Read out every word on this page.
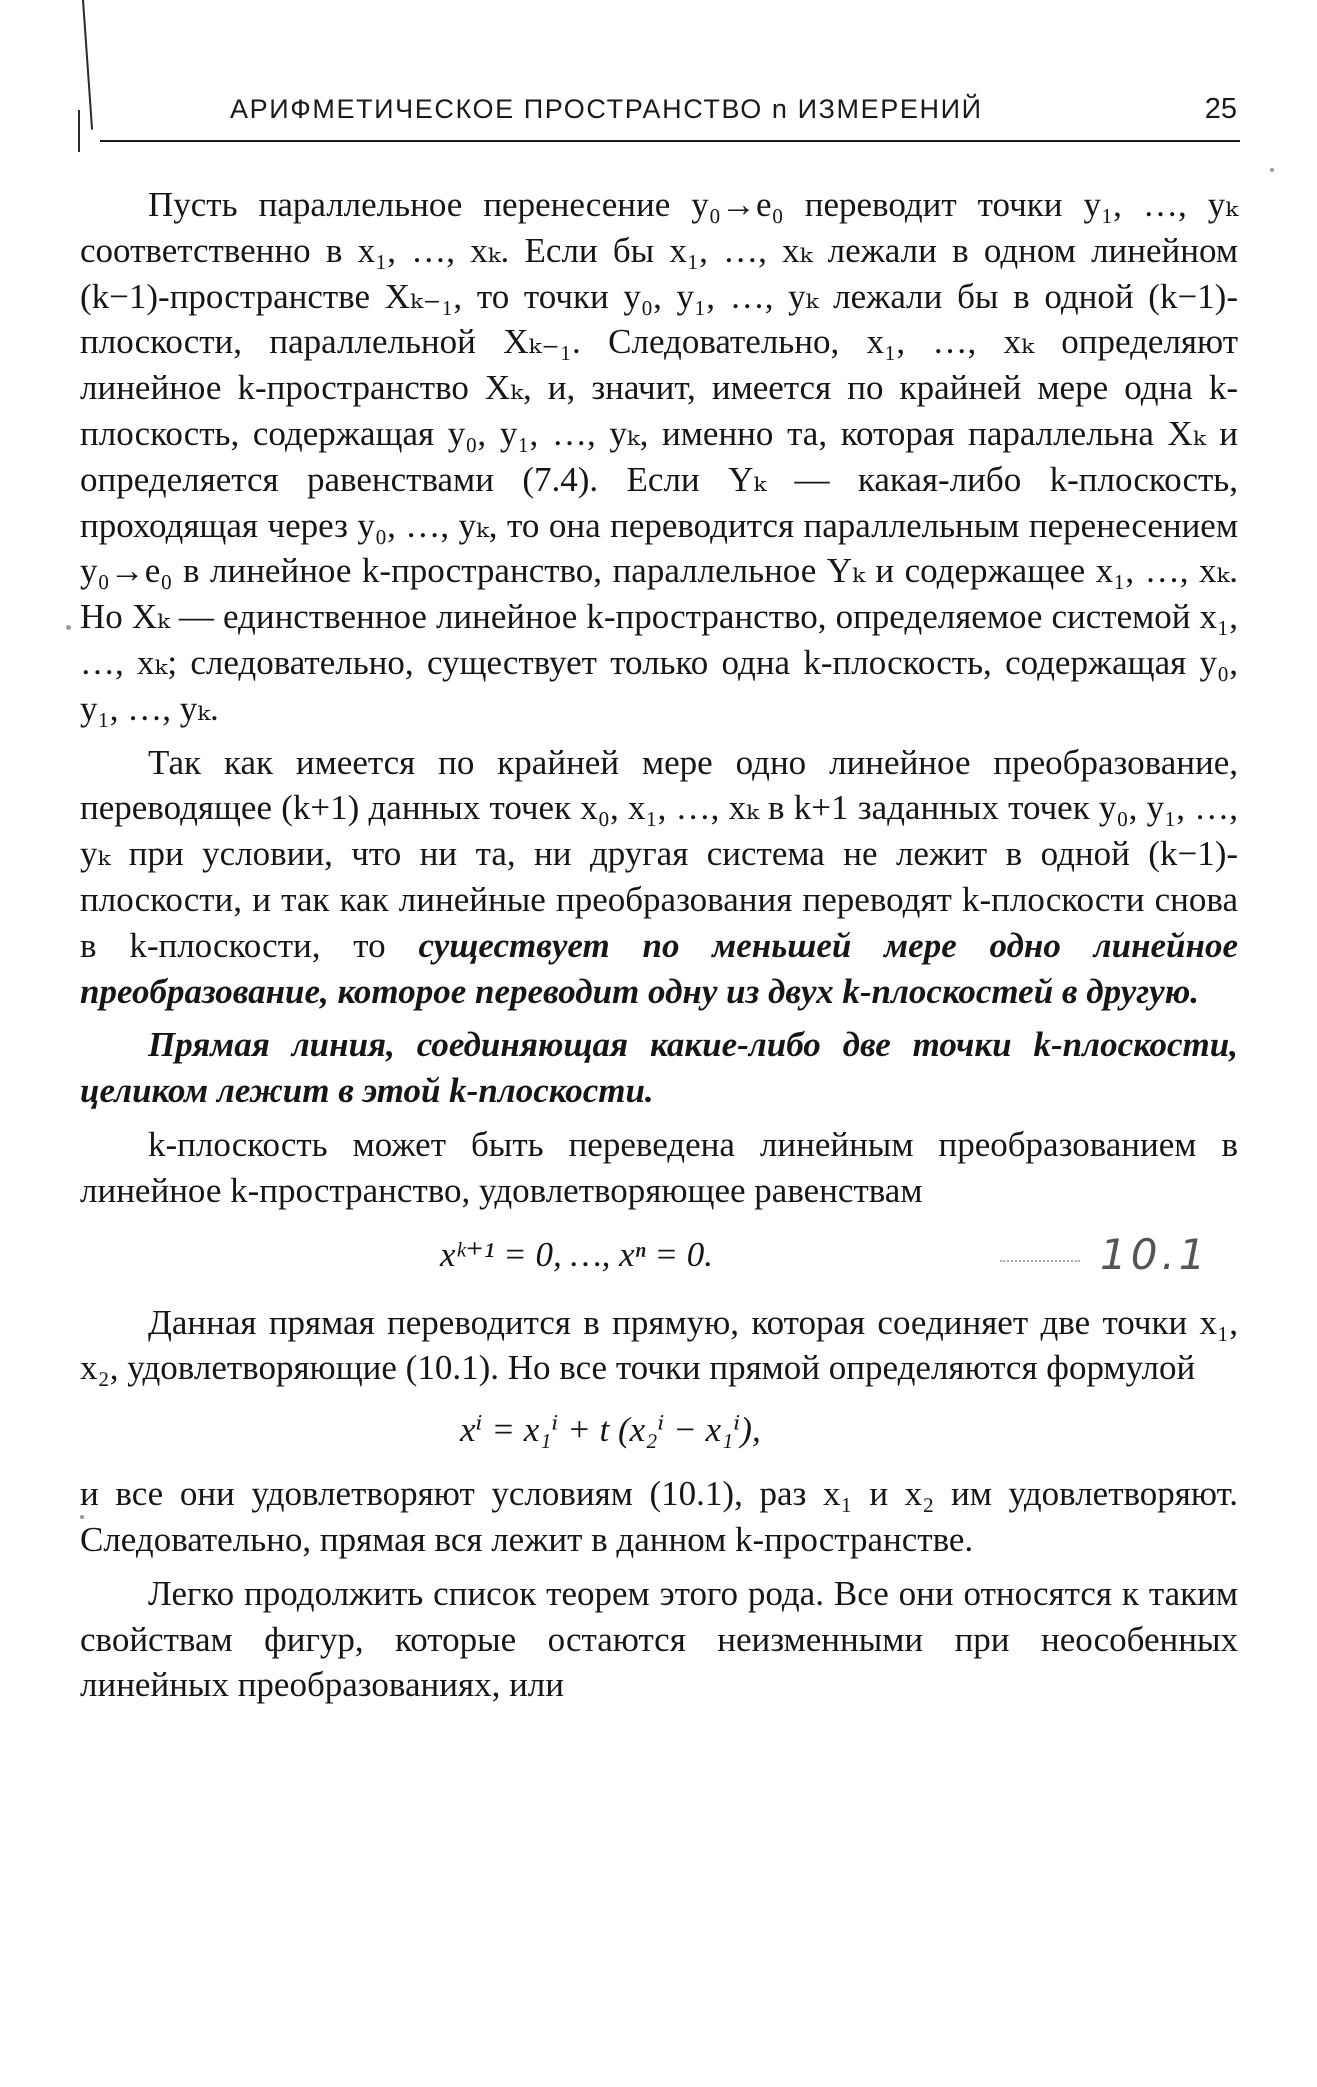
АРИФМЕТИЧЕСКОЕ ПРОСТРАНСТВО n ИЗМЕРЕНИЙ	25

Пусть параллельное перенесение y₀→e₀ переводит точки y₁, …, yₖ соответственно в x₁, …, xₖ. Если бы x₁, …, xₖ лежали в одном линейном (k−1)-пространстве Xₖ₋₁, то точки y₀, y₁, …, yₖ лежали бы в одной (k−1)-плоскости, параллельной Xₖ₋₁. Следовательно, x₁, …, xₖ определяют линейное k-пространство Xₖ, и, значит, имеется по крайней мере одна k-плоскость, содержащая y₀, y₁, …, yₖ, именно та, которая параллельна Xₖ и определяется равенствами (7.4). Если Yₖ — какая-либо k-плоскость, проходящая через y₀, …, yₖ, то она переводится параллельным перенесением y₀→e₀ в линейное k-пространство, параллельное Yₖ и содержащее x₁, …, xₖ. Но Xₖ — единственное линейное k-пространство, определяемое системой x₁, …, xₖ; следовательно, существует только одна k-плоскость, содержащая y₀, y₁, …, yₖ.

Так как имеется по крайней мере одно линейное преобразование, переводящее (k+1) данных точек x₀, x₁, …, xₖ в k+1 заданных точек y₀, y₁, …, yₖ при условии, что ни та, ни другая система не лежит в одной (k−1)-плоскости, и так как линейные преобразования переводят k-плоскости снова в k-плоскости, то существует по меньшей мере одно линейное преобразование, которое переводит одну из двух k-плоскостей в другую.

Прямая линия, соединяющая какие-либо две точки k-плоскости, целиком лежит в этой k-плоскости.

k-плоскость может быть переведена линейным преобразованием в линейное k-пространство, удовлетворяющее равенствам

xᵏ⁺¹ = 0, …, xⁿ = 0.	10.1

Данная прямая переводится в прямую, которая соединяет две точки x₁, x₂, удовлетворяющие (10.1). Но все точки прямой определяются формулой

xⁱ = x₁ⁱ + t (x₂ⁱ − x₁ⁱ),

и все они удовлетворяют условиям (10.1), раз x₁ и x₂ им удовлетворяют. Следовательно, прямая вся лежит в данном k-пространстве.

Легко продолжить список теорем этого рода. Все они относятся к таким свойствам фигур, которые остаются неизменными при неособенных линейных преобразованиях, или
